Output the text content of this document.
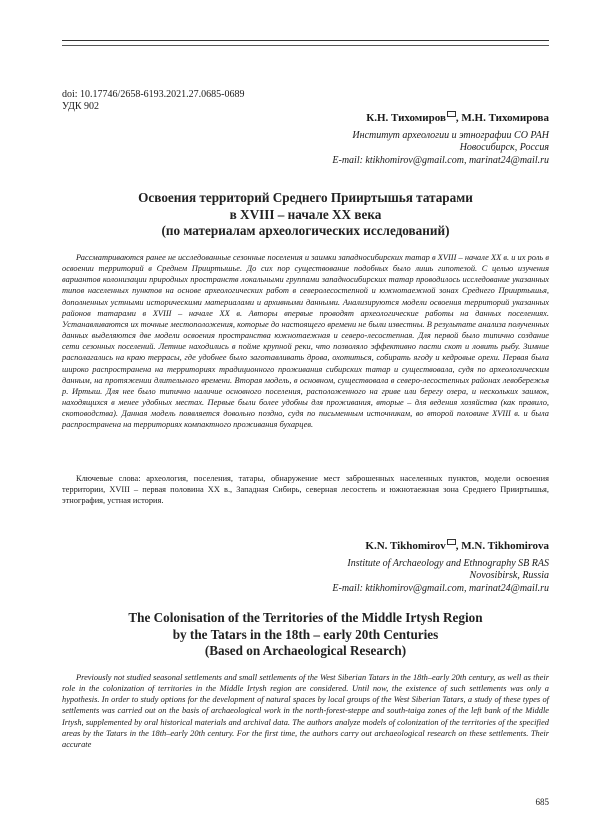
doi: 10.17746/2658-6193.2021.27.0685-0689
УДК 902
К.Н. Тихомиров , М.Н. Тихомирова
Институт археологии и этнографии СО РАН
Новосибирск, Россия
E-mail: ktikhomirov@gmail.com, marinat24@mail.ru
Освоения территорий Среднего Прииртышья татарами
в XVIII – начале XX века
(по материалам археологических исследований)

Рассматриваются ранее не исследованные сезонные поселения и заимки западносибирских татар в XVIII – начале XX в. и их роль в освоении территорий в Среднем Прииртышье. До сих пор существование подобных было лишь гипотезой. С целью изучения вариантов колонизации природных пространств локальными группами западносибирских татар проводилось исследование указанных типов населенных пунктов на основе археологических работ в северолесостепной и южнотаежной зонах Среднего Прииртышья, дополненных устными историческими материалами и архивными данными. Анализируются модели освоения территорий указанных районов татарами в XVIII – начале XX в. Авторы впервые проводят археологические работы на данных поселениях. Устанавливаются их точные местоположения, которые до настоящего времени не были известны. В результате анализа полученных данных выделяются две модели освоения пространства южнотаежная и северо-лесостепная. Для первой было типично создание сети сезонных поселений. Летние находились в пойме крупной реки, что позволяло эффективно пасти скот и ловить рыбу. Зимние располагались на краю террасы, где удобнее было заготавливать дрова, охотиться, собирать ягоду и кедровые орехи. Первая была широко распространена на территориях традиционного проживания сибирских татар и существовала, судя по археологическим данным, на протяжении длительного времени. Вторая модель, в основном, существовала в северо-лесостепных районах левобережья р. Иртыш. Для нее было типично наличие основного поселения, расположенного на гриве или берегу озера, и нескольких заимок, находящихся в менее удобных местах. Первые были более удобны для проживания, вторые – для ведения хозяйства (как правило, скотоводства). Данная модель появляется довольно поздно, судя по письменным источникам, во второй половине XVIII в. и была распространена на территориях компактного проживания бухарцев.

Ключевые слова: археология, поселения, татары, обнаружение мест заброшенных населенных пунктов, модели освоения территории, XVIII – первая половина XX в., Западная Сибирь, северная лесостепь и южнотаежная зона Среднего Прииртышья, этнография, устная история.

K.N. Tikhomirov , M.N. Tikhomirova
Institute of Archaeology and Ethnography SB RAS
Novosibirsk, Russia
E-mail: ktikhomirov@gmail.com, marinat24@mail.ru
The Colonisation of the Territories of the Middle Irtysh Region
by the Tatars in the 18th – early 20th Centuries
(Based on Archaeological Research)

Previously not studied seasonal settlements and small settlements of the West Siberian Tatars in the 18th–early 20th century, as well as their role in the colonization of territories in the Middle Irtysh region are considered. Until now, the existence of such settlements was only a hypothesis. In order to study options for the development of natural spaces by local groups of the West Siberian Tatars, a study of these types of settlements was carried out on the basis of archaeological work in the north-forest-steppe and south-taiga zones of the left bank of the Middle Irtysh, supplemented by oral historical materials and archival data. The authors analyze models of colonization of the territories of the specified areas by the Tatars in the 18th–early 20th century. For the first time, the authors carry out archaeological research on these settlements. Their accurate

685
